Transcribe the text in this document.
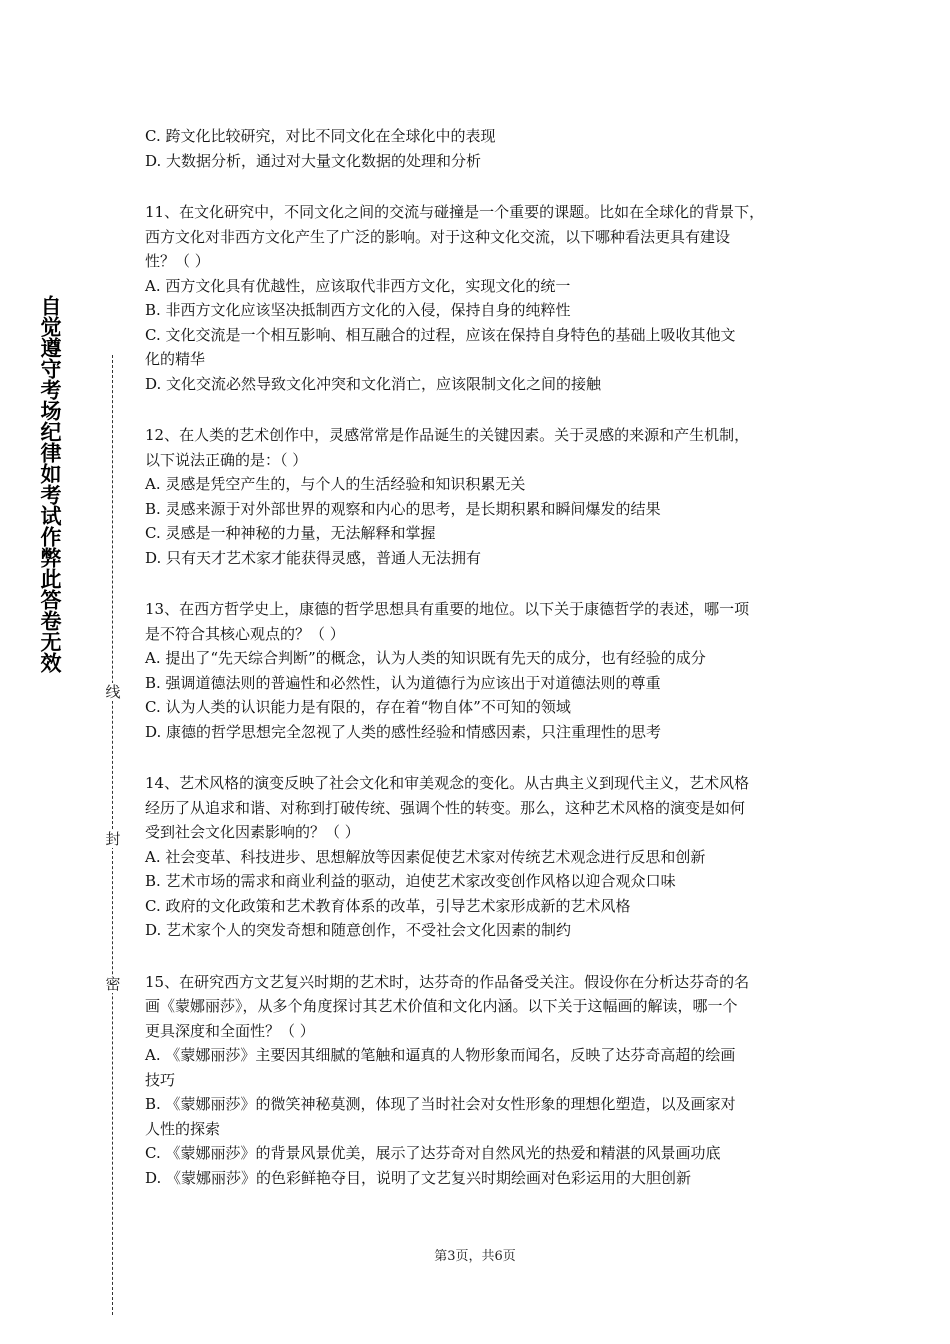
自觉遵守考场纪律如考试作弊此答卷无效
线
封
密
C. 跨文化比较研究，对比不同文化在全球化中的表现
D. 大数据分析，通过对大量文化数据的处理和分析
11、在文化研究中，不同文化之间的交流与碰撞是一个重要的课题。比如在全球化的背景下，
西方文化对非西方文化产生了广泛的影响。对于这种文化交流，以下哪种看法更具有建设
性？（ ）
A. 西方文化具有优越性，应该取代非西方文化，实现文化的统一
B. 非西方文化应该坚决抵制西方文化的入侵，保持自身的纯粹性
C. 文化交流是一个相互影响、相互融合的过程，应该在保持自身特色的基础上吸收其他文
化的精华
D. 文化交流必然导致文化冲突和文化消亡，应该限制文化之间的接触
12、在人类的艺术创作中，灵感常常是作品诞生的关键因素。关于灵感的来源和产生机制，
以下说法正确的是：（ ）
A. 灵感是凭空产生的，与个人的生活经验和知识积累无关
B. 灵感来源于对外部世界的观察和内心的思考，是长期积累和瞬间爆发的结果
C. 灵感是一种神秘的力量，无法解释和掌握
D. 只有天才艺术家才能获得灵感，普通人无法拥有
13、在西方哲学史上，康德的哲学思想具有重要的地位。以下关于康德哲学的表述，哪一项
是不符合其核心观点的？（ ）
A. 提出了“先天综合判断”的概念，认为人类的知识既有先天的成分，也有经验的成分
B. 强调道德法则的普遍性和必然性，认为道德行为应该出于对道德法则的尊重
C. 认为人类的认识能力是有限的，存在着“物自体”不可知的领域
D. 康德的哲学思想完全忽视了人类的感性经验和情感因素，只注重理性的思考
14、艺术风格的演变反映了社会文化和审美观念的变化。从古典主义到现代主义，艺术风格
经历了从追求和谐、对称到打破传统、强调个性的转变。那么，这种艺术风格的演变是如何
受到社会文化因素影响的？（ ）
A. 社会变革、科技进步、思想解放等因素促使艺术家对传统艺术观念进行反思和创新
B. 艺术市场的需求和商业利益的驱动，迫使艺术家改变创作风格以迎合观众口味
C. 政府的文化政策和艺术教育体系的改革，引导艺术家形成新的艺术风格
D. 艺术家个人的突发奇想和随意创作，不受社会文化因素的制约
15、在研究西方文艺复兴时期的艺术时，达芬奇的作品备受关注。假设你在分析达芬奇的名
画《蒙娜丽莎》，从多个角度探讨其艺术价值和文化内涵。以下关于这幅画的解读，哪一个
更具深度和全面性？（ ）
A. 《蒙娜丽莎》主要因其细腻的笔触和逼真的人物形象而闻名，反映了达芬奇高超的绘画
技巧
B. 《蒙娜丽莎》的微笑神秘莫测，体现了当时社会对女性形象的理想化塑造，以及画家对
人性的探索
C. 《蒙娜丽莎》的背景风景优美，展示了达芬奇对自然风光的热爱和精湛的风景画功底
D. 《蒙娜丽莎》的色彩鲜艳夺目，说明了文艺复兴时期绘画对色彩运用的大胆创新
第3页，共6页
